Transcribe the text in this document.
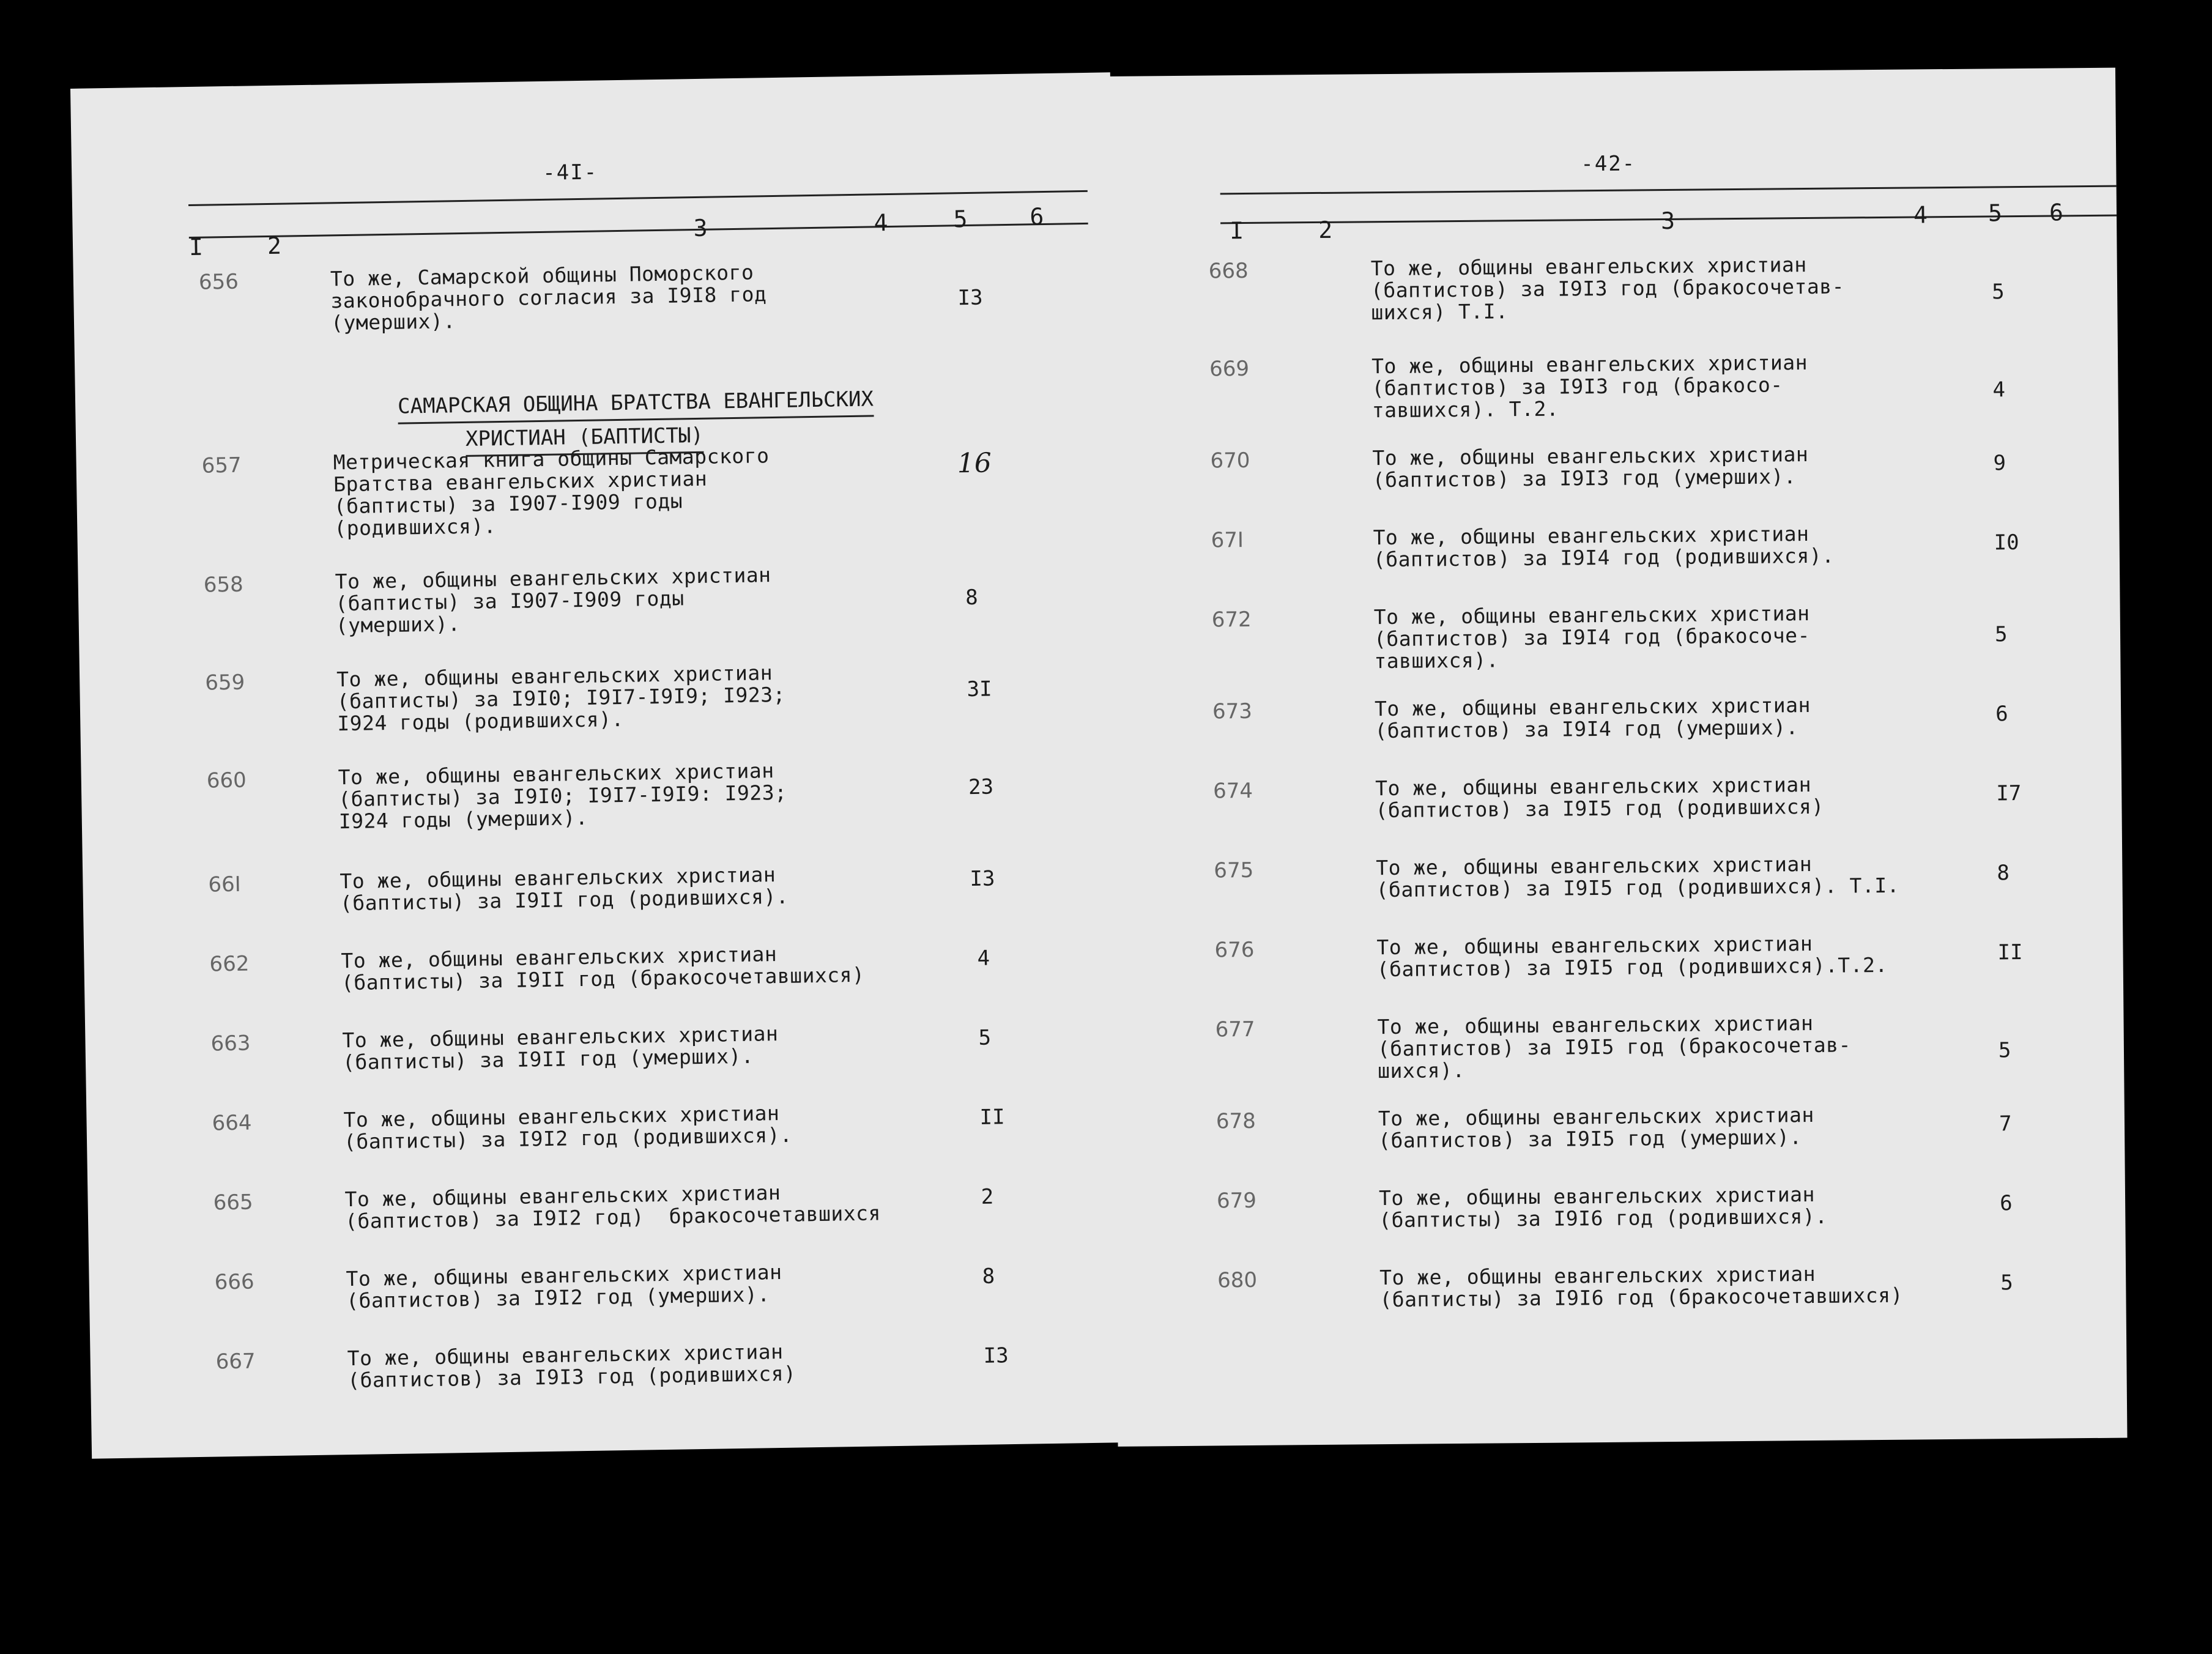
-4I-
I	2
3	4	5	6
656	То же, Самарской общины Поморского
законобрачного согласия за I9I8 год
(умерших).
I3

САМАРСКАЯ ОБЩИНА БРАТСТВА ЕВАНГЕЛЬСКИХ

ХРИСТИАН (БАПТИСТЫ)

657	Метрическая книга общины Самарского
Братства евангельских христиан
(баптисты) за I907-I909 годы
(родившихся).
16
658	То же, общины евангельских христиан
(баптисты) за I907-I909 годы
(умерших).
8
659	То же, общины евангельских христиан
(баптисты) за I9I0; I9I7-I9I9; I923;
I924 годы (родившихся).
3I
660	То же, общины евангельских христиан
(баптисты) за I9I0; I9I7-I9I9: I923;
I924 годы (умерших).
23
66I	То же, общины евангельских христиан
(баптисты) за I9II год (родившихся).
I3
662	То же, общины евангельских христиан
(баптисты) за I9II год (бракосочетавшихся)
4
663	То же, общины евангельских христиан
(баптисты) за I9II год (умерших).
5
664	То же, общины евангельских христиан
(баптисты) за I9I2 год (родившихся).
II
665	То же, общины евангельских христиан
(баптистов) за I9I2 год)  бракосочетавшихся
2
666	То же, общины евангельских христиан
(баптистов) за I9I2 год (умерших).
8
667	То же, общины евангельских христиан
(баптистов) за I9I3 год (родившихся)
I3
-42-
I	2	3	4	5 6
668	То же, общины евангельских христиан
(баптистов) за I9I3 год (бракосочетав-
шихся) Т.I.
5
669	То же, общины евангельских христиан
(баптистов) за I9I3 год (бракосо-
тавшихся). Т.2.
4
670	То же, общины евангельских христиан
(баптистов) за I9I3 год (умерших).
9
67I	То же, общины евангельских христиан
(баптистов) за I9I4 год (родившихся).
I0
672	То же, общины евангельских христиан
(баптистов) за I9I4 год (бракосоче-
тавшихся).
5
673	То же, общины евангельских христиан
(баптистов) за I9I4 год (умерших).
6
674	То же, общины евангельских христиан
(баптистов) за I9I5 год (родившихся)
I7
675	То же, общины евангельских христиан
(баптистов) за I9I5 год (родившихся). Т.I.
8
676	То же, общины евангельских христиан
(баптистов) за I9I5 год (родившихся).Т.2.
II
677	То же, общины евангельских христиан
(баптистов) за I9I5 год (бракосочетав-
шихся).
5
678	То же, общины евангельских христиан
(баптистов) за I9I5 год (умерших).
7
679	То же, общины евангельских христиан
(баптисты) за I9I6 год (родившихся).
6
680	То же, общины евангельских христиан
(баптисты) за I9I6 год (бракосочетавшихся)
5
